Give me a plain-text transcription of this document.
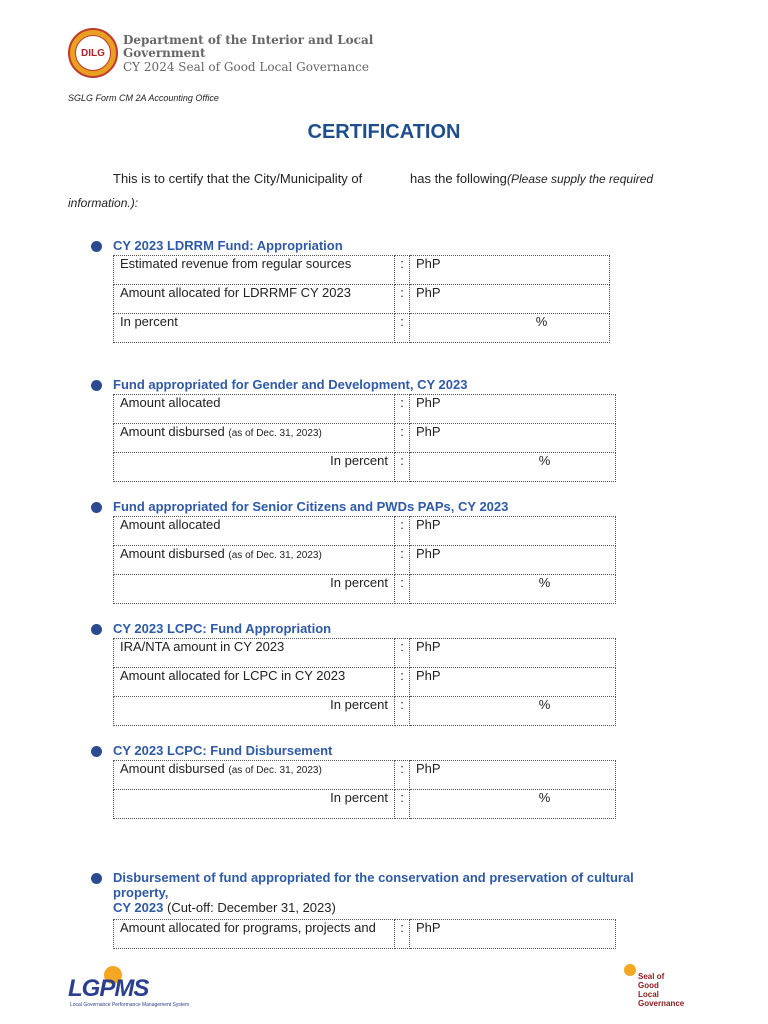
DILG
Department of the Interior and Local
Government
CY 2024 Seal of Good Local Governance
SGLG Form CM 2A Accounting Office
CERTIFICATION
This is to certify that the City/Municipality of	has the following (Please supply the required
information.):
CY 2023 LDRRM Fund: Appropriation
Estimated revenue from regular sources	:	PhP
Amount allocated for LDRRMF CY 2023	:	PhP
In percent	:	%
Fund appropriated for Gender and Development, CY 2023
Amount allocated	:	PhP
Amount disbursed (as of Dec. 31, 2023)	:	PhP
In percent	:	%
Fund appropriated for Senior Citizens and PWDs PAPs, CY 2023
Amount allocated	:	PhP
Amount disbursed (as of Dec. 31, 2023)	:	PhP
In percent	:	%
CY 2023 LCPC: Fund Appropriation
IRA/NTA amount in CY 2023	:	PhP
Amount allocated for LCPC in CY 2023	:	PhP
In percent	:	%
CY 2023 LCPC: Fund Disbursement
Amount disbursed (as of Dec. 31, 2023)	:	PhP
In percent	:	%
Disbursement of fund appropriated for the conservation and preservation of cultural property,
CY 2023 (Cut-off: December 31, 2023)
Amount allocated for programs, projects and	:	PhP
LGPMS
Local Governance Performance Management System
Seal of
Good
Local
Governance
